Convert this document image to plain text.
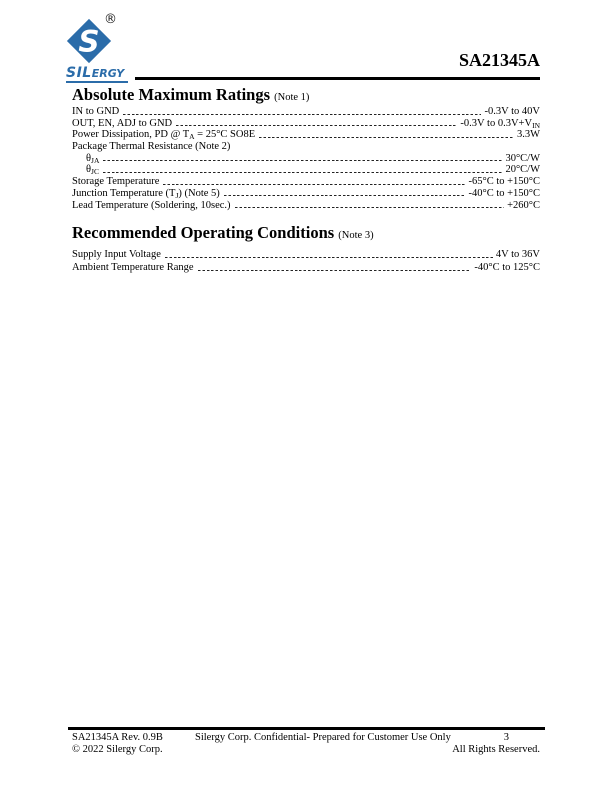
S
®
SILERGY
SA21345A
Absolute Maximum Ratings (Note 1)
IN to GND	-0.3V to 40V
OUT, EN, ADJ to GND	-0.3V to $0.3V+V_{IN}$
Power Dissipation, PD @ $T_A = 25^\circ C$ SO8E	3.3W
Package Thermal Resistance (Note 2)
$\theta_{JA}$	30°C/W
$\theta_{JC}$	20°C/W
Storage Temperature	-65°C to +150°C
Junction Temperature $(T_J)$ (Note 5)	-40°C to +150°C
Lead Temperature (Soldering, 10sec.)	+260°C
Recommended Operating Conditions (Note 3)
Supply Input Voltage	4V to 36V
Ambient Temperature Range	-40°C to 125°C
SA21345A Rev. 0.9B	Silergy Corp. Confidential- Prepared for Customer Use Only	3
© 2022 Silergy Corp.	All Rights Reserved.
